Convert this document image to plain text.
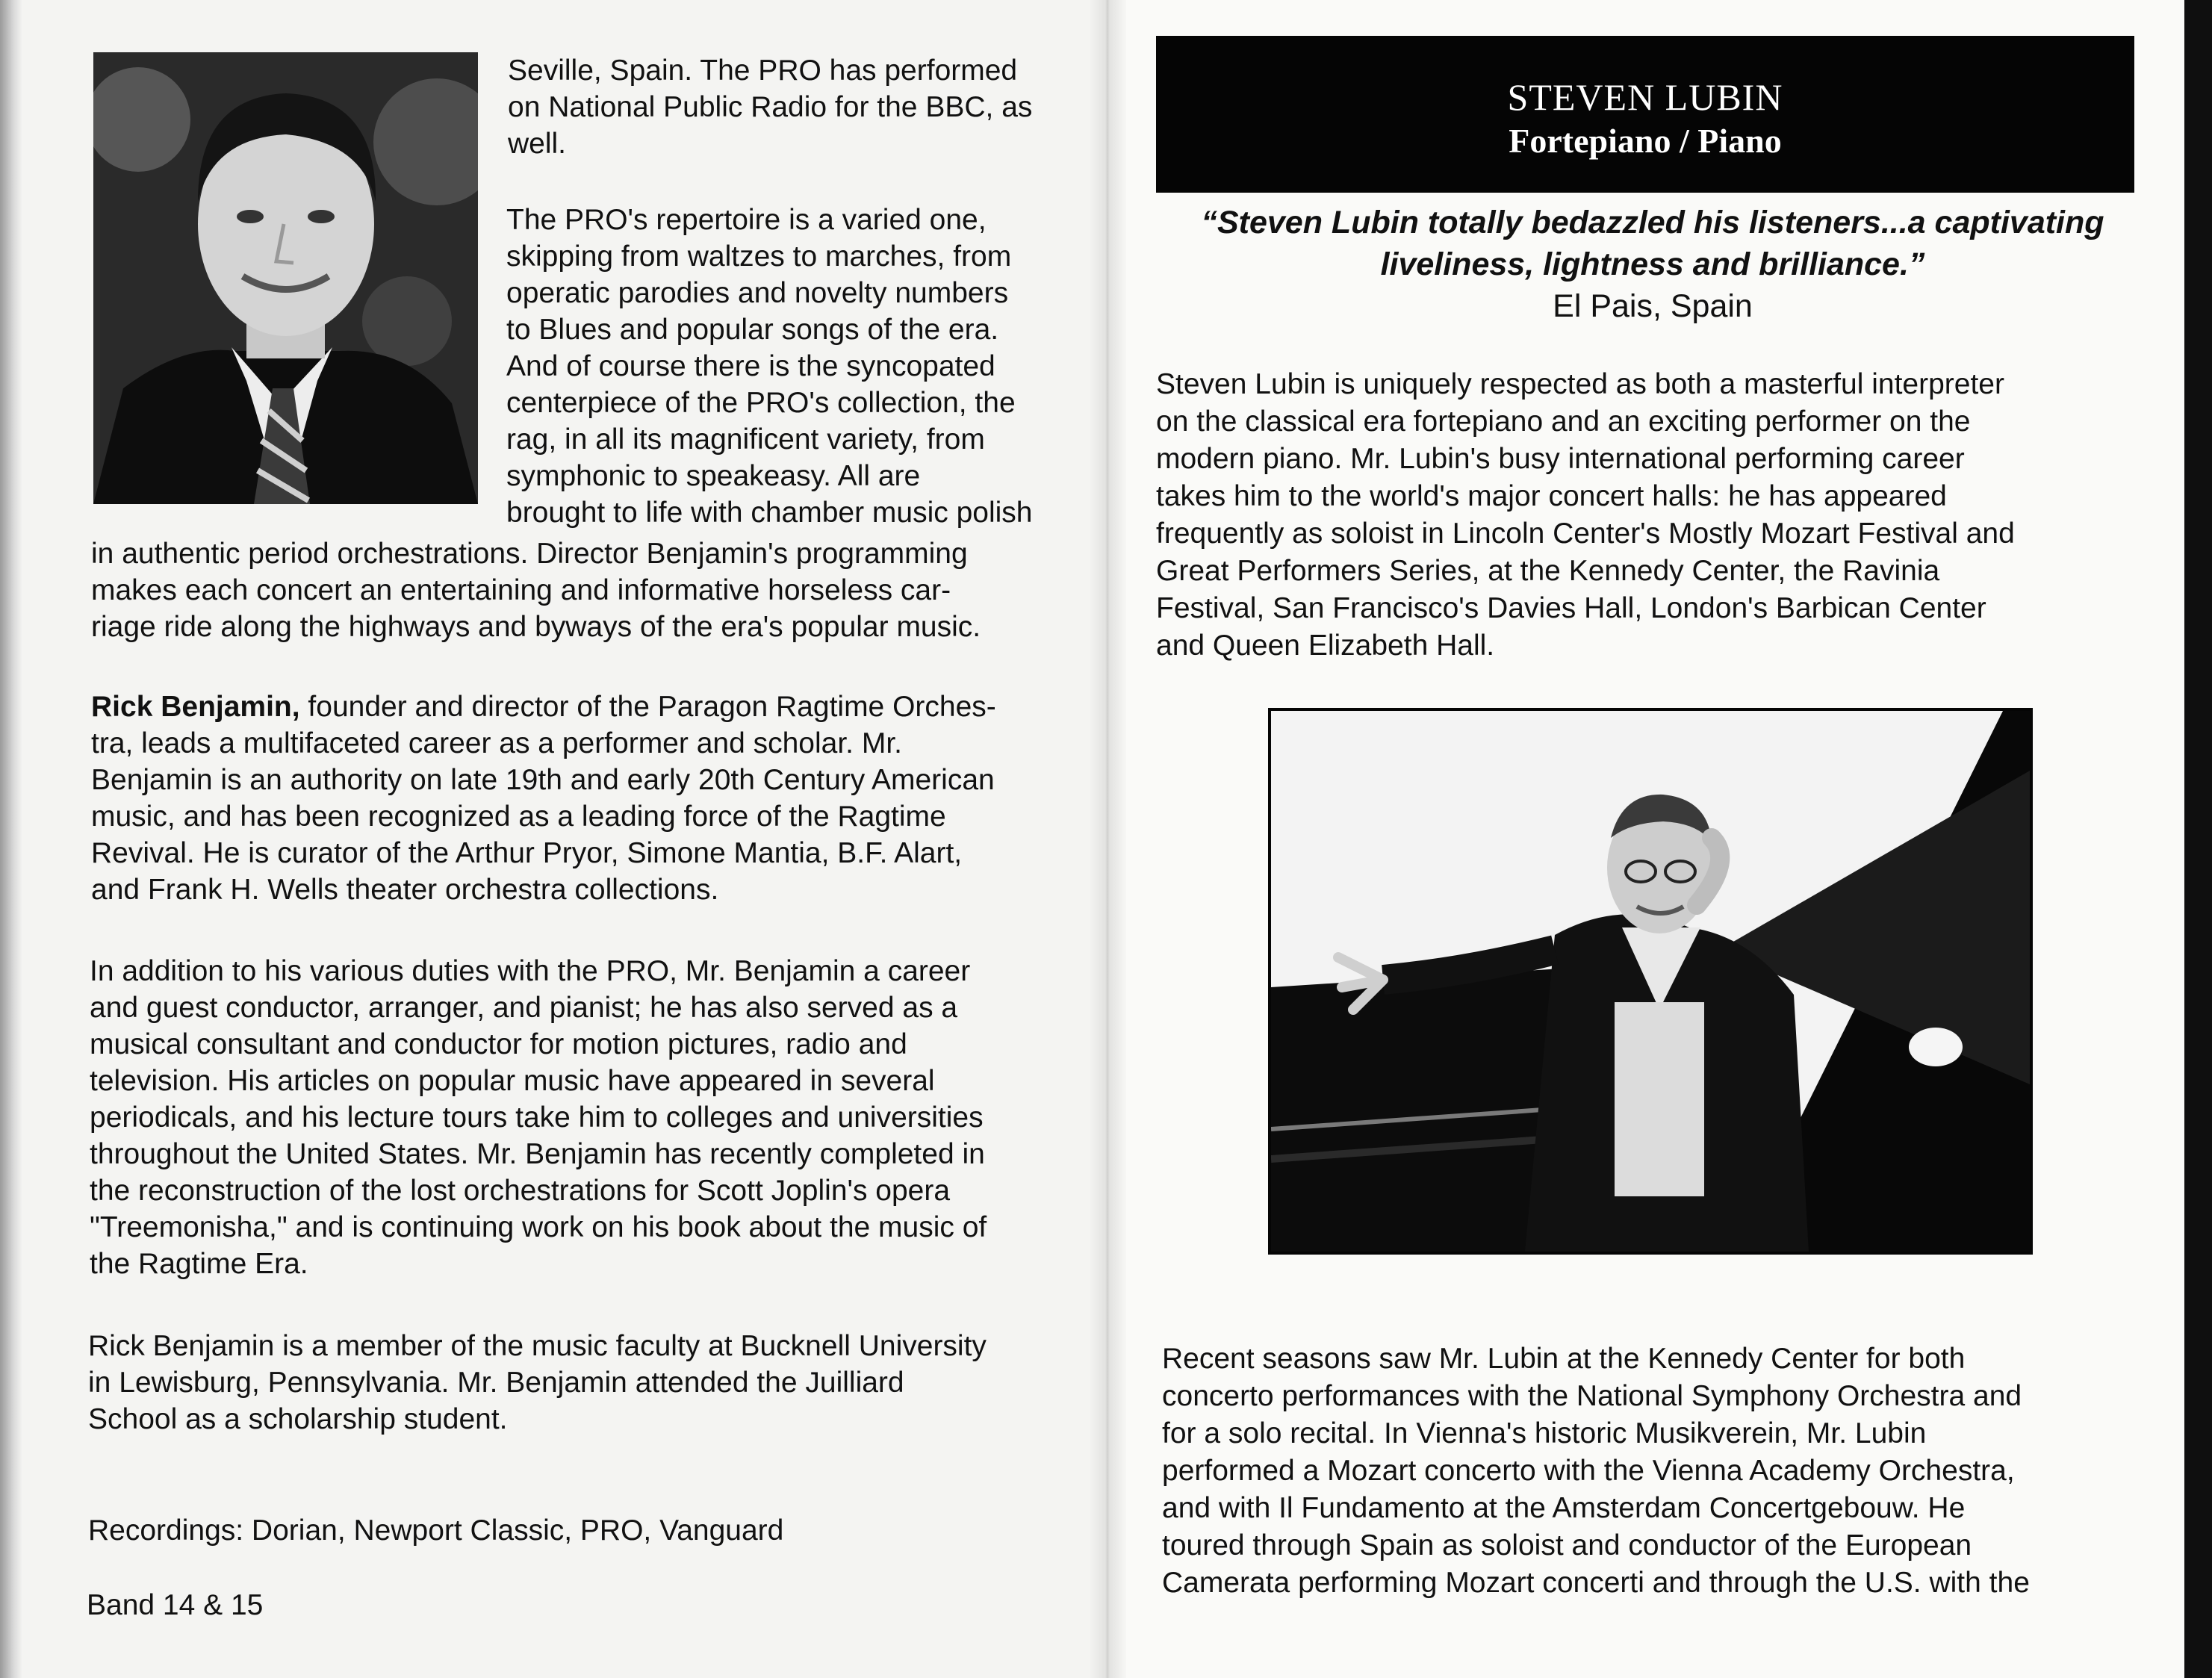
Seville, Spain. The PRO has performed
on National Public Radio for the BBC, as
well.
The PRO's repertoire is a varied one,
skipping from waltzes to marches, from
operatic parodies and novelty numbers
to Blues and popular songs of the era.
And of course there is the syncopated
centerpiece of the PRO's collection, the
rag, in all its magnificent variety, from
symphonic to speakeasy. All are
brought to life with chamber music polish
in authentic period orchestrations. Director Benjamin's programming
makes each concert an entertaining and informative horseless car-
riage ride along the highways and byways of the era's popular music.
Rick Benjamin, founder and director of the Paragon Ragtime Orches-
tra, leads a multifaceted career as a performer and scholar. Mr.
Benjamin is an authority on late 19th and early 20th Century American
music, and has been recognized as a leading force of the Ragtime
Revival. He is curator of the Arthur Pryor, Simone Mantia, B.F. Alart,
and Frank H. Wells theater orchestra collections.
In addition to his various duties with the PRO, Mr. Benjamin a career
and guest conductor, arranger, and pianist; he has also served as a
musical consultant and conductor for motion pictures, radio and
television. His articles on popular music have appeared in several
periodicals, and his lecture tours take him to colleges and universities
throughout the United States. Mr. Benjamin has recently completed in
the reconstruction of the lost orchestrations for Scott Joplin's opera
"Treemonisha," and is continuing work on his book about the music of
the Ragtime Era.
Rick Benjamin is a member of the music faculty at Bucknell University
in Lewisburg, Pennsylvania. Mr. Benjamin attended the Juilliard
School as a scholarship student.
Recordings: Dorian, Newport Classic, PRO, Vanguard
Band 14 & 15
STEVEN LUBIN
Fortepiano / Piano
“Steven Lubin totally bedazzled his listeners...a captivating
liveliness, lightness and brilliance.”
El Pais, Spain
Steven Lubin is uniquely respected as both a masterful interpreter
on the classical era fortepiano and an exciting performer on the
modern piano. Mr. Lubin's busy international performing career
takes him to the world's major concert halls: he has appeared
frequently as soloist in Lincoln Center's Mostly Mozart Festival and
Great Performers Series, at the Kennedy Center, the Ravinia
Festival, San Francisco's Davies Hall, London's Barbican Center
and Queen Elizabeth Hall.
Recent seasons saw Mr. Lubin at the Kennedy Center for both
concerto performances with the National Symphony Orchestra and
for a solo recital. In Vienna's historic Musikverein, Mr. Lubin
performed a Mozart concerto with the Vienna Academy Orchestra,
and with Il Fundamento at the Amsterdam Concertgebouw. He
toured through Spain as soloist and conductor of the European
Camerata performing Mozart concerti and through the U.S. with the
